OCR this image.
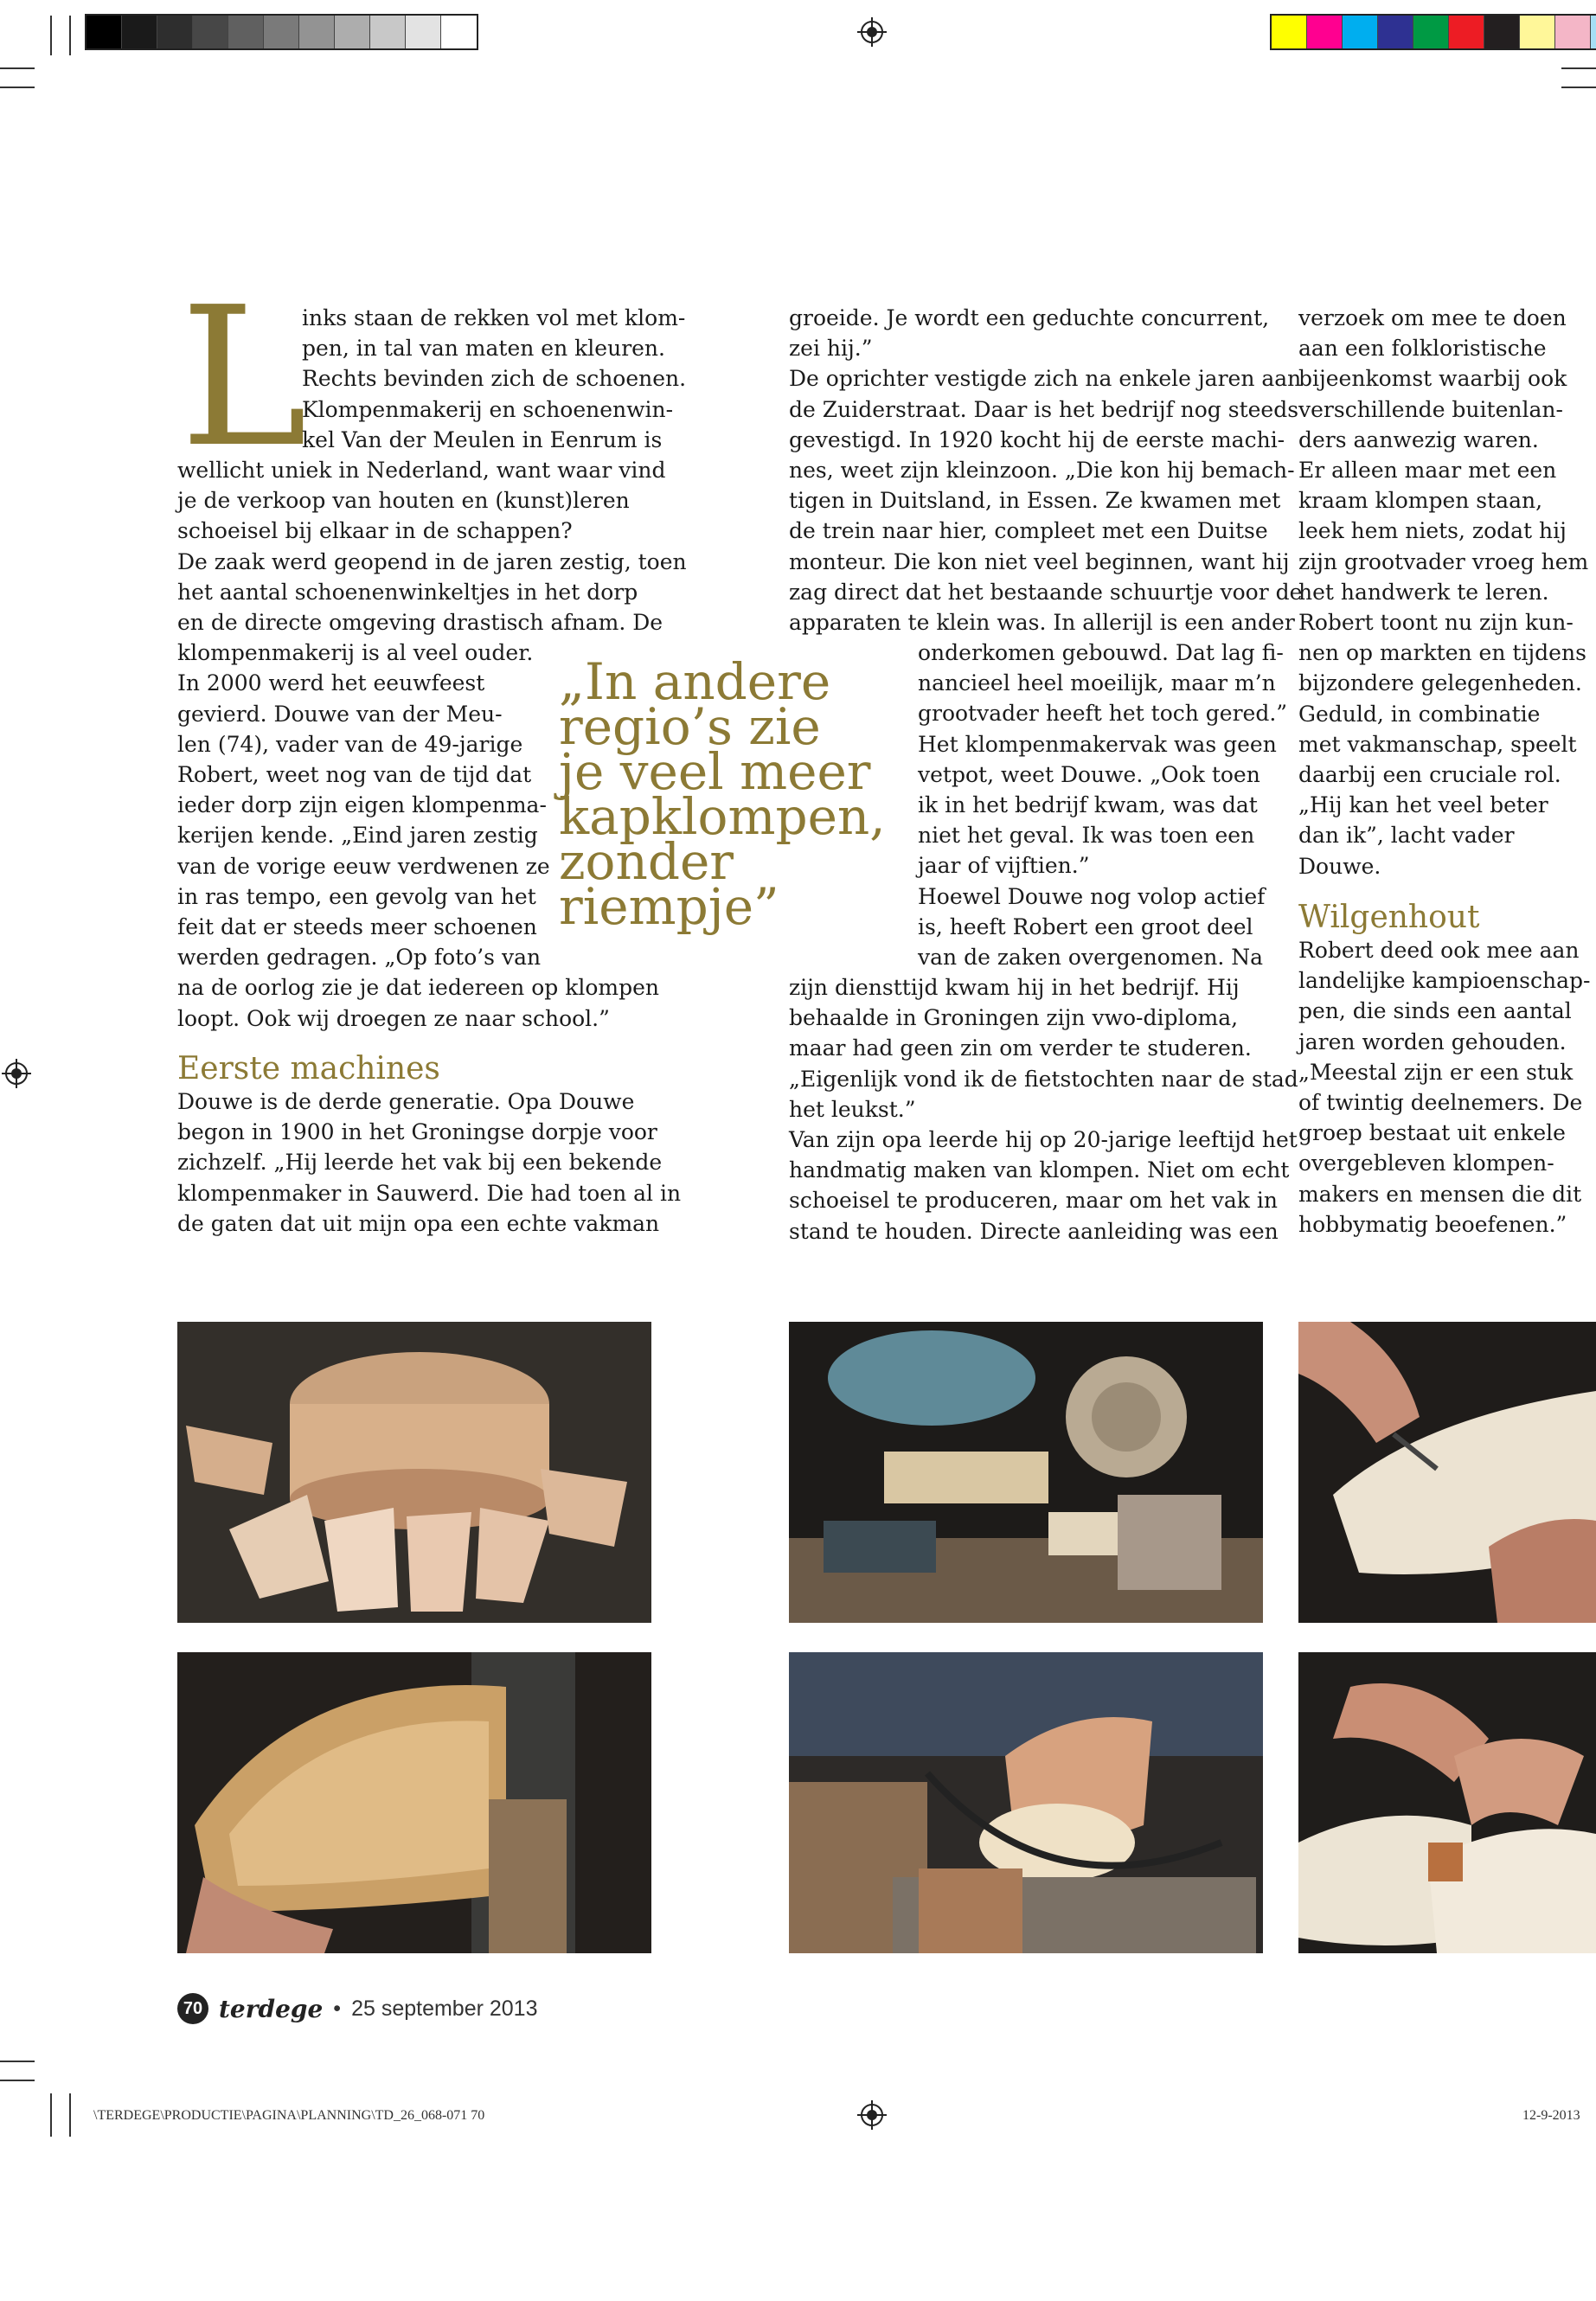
L

inks staan de rekken vol met klom-
pen, in tal van maten en kleuren.
Rechts bevinden zich de schoenen.
Klompenmakerij en schoenenwin-
kel Van der Meulen in Eenrum is

wellicht uniek in Nederland, want waar vind
je de verkoop van houten en (kunst)leren
schoeisel bij elkaar in de schappen?
De zaak werd geopend in de jaren zestig, toen
het aantal schoenenwinkeltjes in het dorp
en de directe omgeving drastisch afnam. De
klompenmakerij is al veel ouder.
In 2000 werd het eeuwfeest
gevierd. Douwe van der Meu-
len (74), vader van de 49-jarige
Robert, weet nog van de tijd dat
ieder dorp zijn eigen klompenma-
kerijen kende. „Eind jaren zestig
van de vorige eeuw verdwenen ze
in ras tempo, een gevolg van het
feit dat er steeds meer schoenen
werden gedragen. „Op foto’s van
na de oorlog zie je dat iedereen op klompen
loopt. Ook wij droegen ze naar school.”

Eerste machines

Douwe is de derde generatie. Opa Douwe
begon in 1900 in het Groningse dorpje voor
zichzelf. „Hij leerde het vak bij een bekende
klompenmaker in Sauwerd. Die had toen al in
de gaten dat uit mijn opa een echte vakman

„In andere
regio’s zie
je veel meer
kapklompen,
zonder
riempje”

groeide. Je wordt een geduchte concurrent,
zei hij.”
De oprichter vestigde zich na enkele jaren aan
de Zuiderstraat. Daar is het bedrijf nog steeds
gevestigd. In 1920 kocht hij de eerste machi-
nes, weet zijn kleinzoon. „Die kon hij bemach-
tigen in Duitsland, in Essen. Ze kwamen met
de trein naar hier, compleet met een Duitse
monteur. Die kon niet veel beginnen, want hij
zag direct dat het bestaande schuurtje voor de
apparaten te klein was. In allerijl is een ander

onderkomen gebouwd. Dat lag fi-
nancieel heel moeilijk, maar m’n
grootvader heeft het toch gered.”
Het klompenmakervak was geen
vetpot, weet Douwe. „Ook toen
ik in het bedrijf kwam, was dat
niet het geval. Ik was toen een
jaar of vijftien.”
Hoewel Douwe nog volop actief
is, heeft Robert een groot deel
van de zaken overgenomen. Na

zijn diensttijd kwam hij in het bedrijf. Hij
behaalde in Groningen zijn vwo-diploma,
maar had geen zin om verder te studeren.
„Eigenlijk vond ik de fietstochten naar de stad
het leukst.”
Van zijn opa leerde hij op 20-jarige leeftijd het
handmatig maken van klompen. Niet om echt
schoeisel te produceren, maar om het vak in
stand te houden. Directe aanleiding was een

verzoek om mee te doen
aan een folkloristische
bijeenkomst waarbij ook
verschillende buitenlan-
ders aanwezig waren.
Er alleen maar met een
kraam klompen staan,
leek hem niets, zodat hij
zijn grootvader vroeg hem
het handwerk te leren.
Robert toont nu zijn kun-
nen op markten en tijdens
bijzondere gelegenheden.
Geduld, in combinatie
met vakmanschap, speelt
daarbij een cruciale rol.
„Hij kan het veel beter
dan ik”, lacht vader
Douwe.

Wilgenhout

Robert deed ook mee aan
landelijke kampioenschap-
pen, die sinds een aantal
jaren worden gehouden.
„Meestal zijn er een stuk
of twintig deelnemers. De
groep bestaat uit enkele
overgebleven klompen-
makers en mensen die dit
hobbymatig beoefenen.”

70 terdege • 25 september 2013
\TERDEGE\PRODUCTIE\PAGINA\PLANNING\TD_26_068-071 70	12-9-2013
